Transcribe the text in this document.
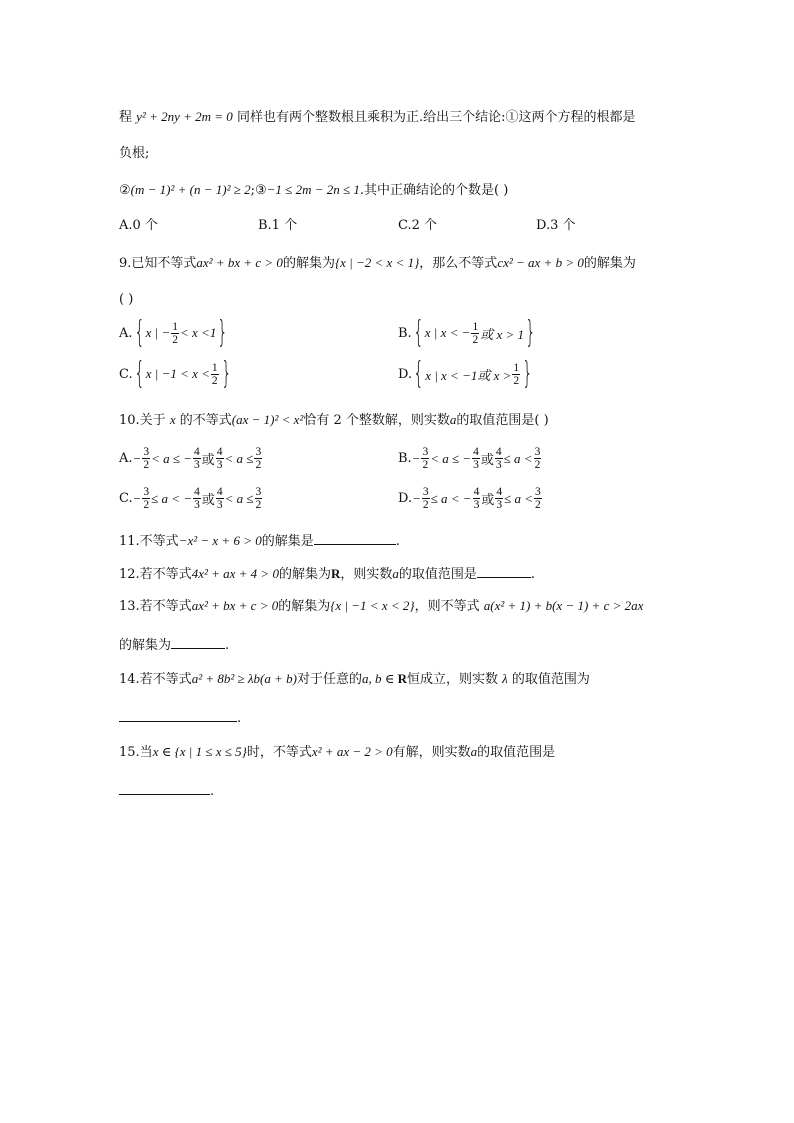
程 y² + 2ny + 2m = 0 同样也有两个整数根且乘积为正.给出三个结论:①这两个方程的根都是
负根;
②(m − 1)² + (n − 1)² ≥ 2;③−1 ≤ 2m − 2n ≤ 1.其中正确结论的个数是( )
A.0 个	B.1 个	C.2 个	D.3 个
9.已知不等式ax² + bx + c > 0的解集为{x | −2 < x < 1}，那么不等式cx² − ax + b > 0的解集为
( )
A. { x | − $\frac{1}{2} < x <1$ }	B. { x | x < − $\frac{1}{2}$ 或 x > 1 }
C. { x | $-1 < x < \frac{1}{2}$ }	D. { x | x < −1或 $x > \frac{1}{2}$ }
10.关于 x 的不等式(ax − 1)² < x²恰有 2 个整数解，则实数a的取值范围是( )
A. − $\frac{3}{2} < a$ ≤ − $\frac{4}{3}$ 或 $\frac{4}{3} < a \le \frac{3}{2}$	B. − $\frac{3}{2} < a$ ≤ − $\frac{4}{3}$ 或 $\frac{4}{3} \le a < \frac{3}{2}$
C. − $\frac{3}{2} \le a$ < − $\frac{4}{3}$ 或 $\frac{4}{3} < a \le \frac{3}{2}$	D. − $\frac{3}{2} \le a$ < − $\frac{4}{3}$ 或 $\frac{4}{3} \le a < \frac{3}{2}$
11.不等式−x² − x + 6 > 0的解集是	.
12.若不等式4x² + ax + 4 > 0的解集为R，则实数a的取值范围是	.
13.若不等式ax² + bx + c > 0的解集为{x | −1 < x < 2}，则不等式 a(x² + 1) + b(x − 1) + c > 2ax
的解集为	.
14.若不等式a² + 8b² ≥ λb(a + b)对于任意的a, b ∈ R恒成立，则实数 λ 的取值范围为
.
15.当x ∈ {x | 1 ≤ x ≤ 5}时，不等式x² + ax − 2 > 0有解，则实数a的取值范围是
.
